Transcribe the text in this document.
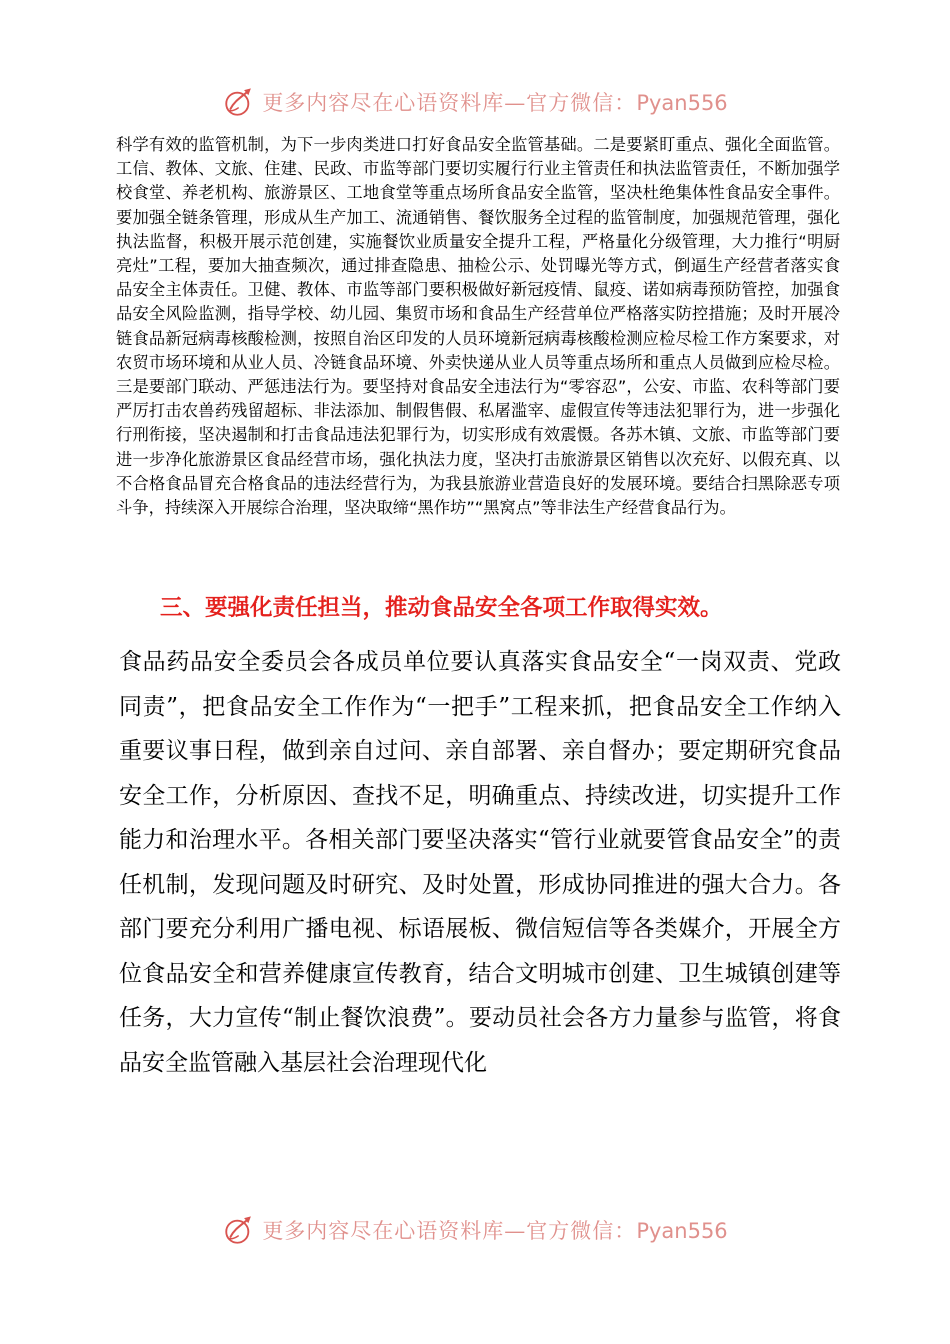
更多内容尽在心语资料库—官方微信：Pyan556

科学有效的监管机制，为下一步肉类进口打好食品安全监管基础。二是要紧盯重点、强化全面监管。工信、教体、文旅、住建、民政、市监等部门要切实履行行业主管责任和执法监管责任，不断加强学校食堂、养老机构、旅游景区、工地食堂等重点场所食品安全监管，坚决杜绝集体性食品安全事件。要加强全链条管理，形成从生产加工、流通销售、餐饮服务全过程的监管制度，加强规范管理，强化执法监督，积极开展示范创建，实施餐饮业质量安全提升工程，严格量化分级管理，大力推行“明厨亮灶”工程，要加大抽查频次，通过排查隐患、抽检公示、处罚曝光等方式，倒逼生产经营者落实食品安全主体责任。卫健、教体、市监等部门要积极做好新冠疫情、鼠疫、诺如病毒预防管控，加强食品安全风险监测，指导学校、幼儿园、集贸市场和食品生产经营单位严格落实防控措施；及时开展冷链食品新冠病毒核酸检测，按照自治区印发的人员环境新冠病毒核酸检测应检尽检工作方案要求，对农贸市场环境和从业人员、冷链食品环境、外卖快递从业人员等重点场所和重点人员做到应检尽检。三是要部门联动、严惩违法行为。要坚持对食品安全违法行为“零容忍”，公安、市监、农科等部门要严厉打击农兽药残留超标、非法添加、制假售假、私屠滥宰、虚假宣传等违法犯罪行为，进一步强化行刑衔接，坚决遏制和打击食品违法犯罪行为，切实形成有效震慑。各苏木镇、文旅、市监等部门要进一步净化旅游景区食品经营市场，强化执法力度，坚决打击旅游景区销售以次充好、以假充真、以不合格食品冒充合格食品的违法经营行为，为我县旅游业营造良好的发展环境。要结合扫黑除恶专项斗争，持续深入开展综合治理，坚决取缔“黑作坊”“黑窝点”等非法生产经营食品行为。

三、要强化责任担当，推动食品安全各项工作取得实效。

食品药品安全委员会各成员单位要认真落实食品安全“一岗双责、党政同责”，把食品安全工作作为“一把手”工程来抓，把食品安全工作纳入重要议事日程，做到亲自过问、亲自部署、亲自督办；要定期研究食品安全工作，分析原因、查找不足，明确重点、持续改进，切实提升工作能力和治理水平。各相关部门要坚决落实“管行业就要管食品安全”的责任机制，发现问题及时研究、及时处置，形成协同推进的强大合力。各部门要充分利用广播电视、标语展板、微信短信等各类媒介，开展全方位食品安全和营养健康宣传教育，结合文明城市创建、卫生城镇创建等任务，大力宣传“制止餐饮浪费”。要动员社会各方力量参与监管，将食品安全监管融入基层社会治理现代化

更多内容尽在心语资料库—官方微信：Pyan556
